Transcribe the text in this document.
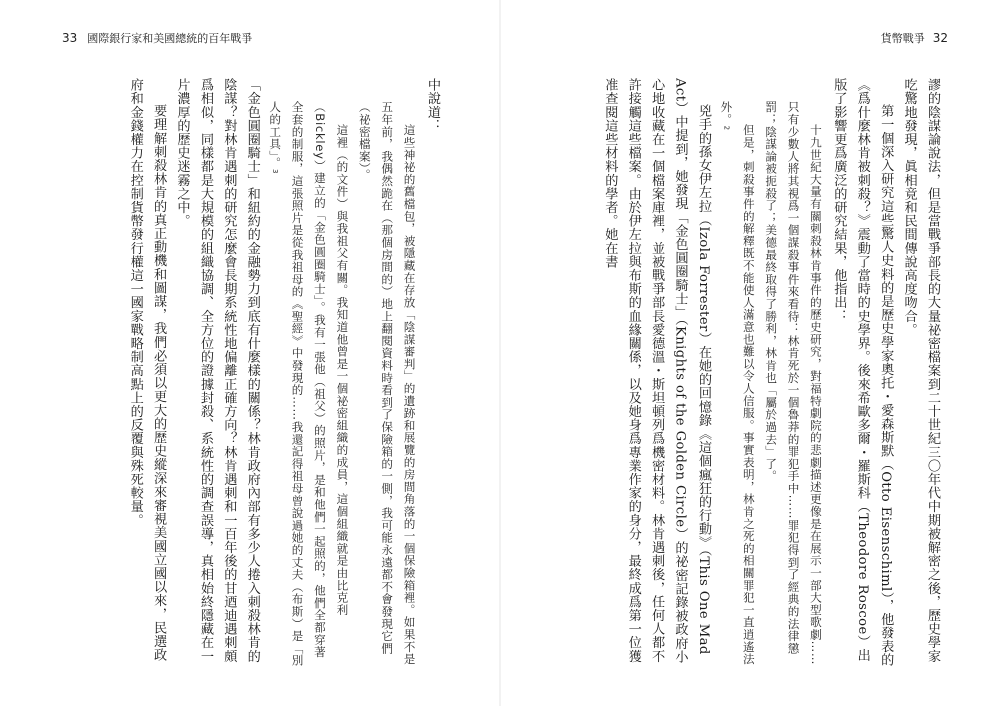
33 國際銀行家和美國總統的百年戰爭

中說道：

這些神祕的舊檔包，被隱藏在存放「陰謀審判」的遺跡和展覽的房間角落的一個保險箱裡。如果不是五年前，我偶然跪在（那個房間的）地上翻閱資料時看到了保險箱的一側，我可能永遠都不會發現它們（祕密檔案）。

這裡（的文件）與我祖父有關。我知道他曾是一個祕密組織的成員，這個組織就是由比克利（Bickley）建立的「金色圓圈騎士」。我有一張他（祖父）的照片，是和他們一起照的，他們全都穿著全套的制服，這張照片是從我祖母的《聖經》中發現的……我還記得祖母曾說過她的丈夫（布斯）是「別人的工具」。3

「金色圓圈騎士」和紐約的金融勢力到底有什麼樣的關係？林肯政府內部有多少人捲入刺殺林肯的陰謀？對林肯遇刺的研究怎麼會長期系統性地偏離正確方向？林肯遇刺和一百年後的甘迺迪遇刺頗爲相似，同樣都是大規模的組織協調、全方位的證據封殺、系統性的調查誤導，真相始終隱藏在一片濃厚的歷史迷霧之中。

要理解刺殺林肯的真正動機和圖謀，我們必須以更大的歷史縱深來審視美國立國以來，民選政府和金錢權力在控制貨幣發行權這一國家戰略制高點上的反覆與殊死較量。

貨幣戰爭 32

謬的陰謀論說法，但是當戰爭部長的大量祕密檔案到二十世紀三〇年代中期被解密之後，歷史學家吃驚地發現，眞相竟和民間傳說高度吻合。

第一個深入研究這些驚人史料的是歷史學家奧托・愛森斯默（Otto Eisenschiml），他發表的《爲什麼林肯被刺殺？》震動了當時的史學界。後來希歐多爾・羅斯科（Theodore Roscoe）出版了影響更爲廣泛的研究結果，他指出：

十九世紀大量有關刺殺林肯事件的歷史研究，對福特劇院的悲劇描述更像是在展示一部大型歌劇……只有少數人將其視爲一個謀殺事件來看待：林肯死於一個魯莽的罪犯手中……罪犯得到了經典的法律懲罰；陰謀論被扼殺了；美德最終取得了勝利，林肯也「屬於過去」了。

但是，刺殺事件的解釋既不能使人滿意也難以令人信服。事實表明，林肯之死的相關罪犯一直逍遙法外。2

兇手的孫女伊左拉（Izola Forrester）在她的回憶錄《這個瘋狂的行動》（This One Mad Act）中提到，她發現「金色圓圈騎士」（Knights of the Golden Circle）的祕密記錄被政府小心地收藏在一個檔案庫裡，並被戰爭部長愛德溫・斯坦頓列爲機密材料。林肯遇刺後，任何人都不許接觸這些檔案。由於伊左拉與布斯的血緣關係，以及她身爲專業作家的身分，最終成爲第一位獲准查閱這些材料的學者。她在書
